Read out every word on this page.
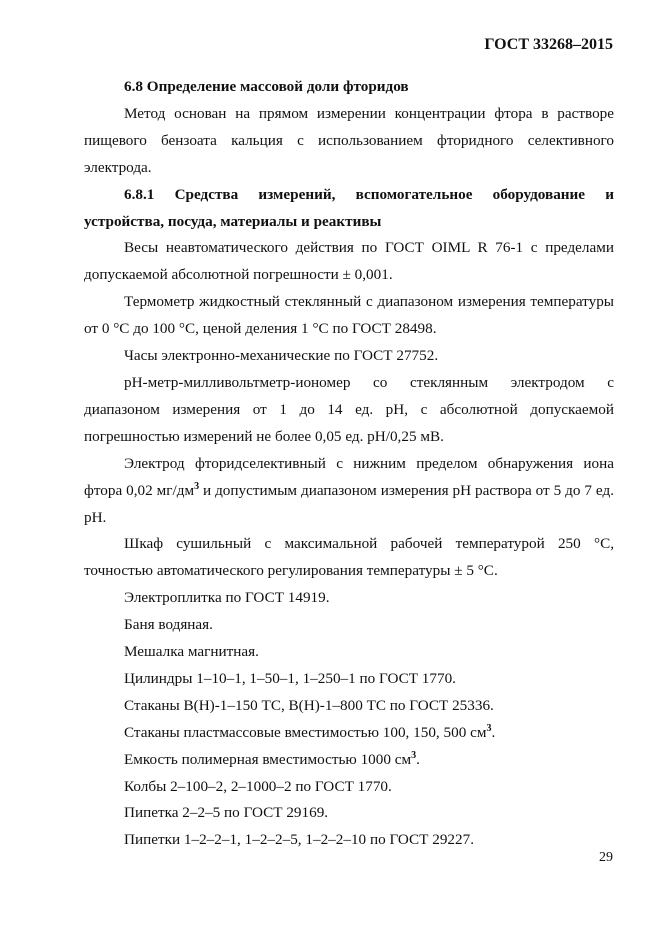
ГОСТ 33268–2015

6.8 Определение массовой доли фторидов

Метод основан на прямом измерении концентрации фтора в растворе пищевого бензоата кальция с использованием фторидного селективного электрода.

6.8.1 Средства измерений, вспомогательное оборудование и устройства, посуда, материалы и реактивы

Весы неавтоматического действия по ГОСТ OIML R 76-1 с пределами допускаемой абсолютной погрешности ± 0,001.

Термометр жидкостный стеклянный с диапазоном измерения температуры от 0 °С до 100 °С, ценой деления 1 °С по ГОСТ 28498.

Часы электронно-механические по ГОСТ 27752.

pH-метр-милливольтметр-иономер со стеклянным электродом с диапазоном измерения от 1 до 14 ед. pH, с абсолютной допускаемой погрешностью измерений не более 0,05 ед. pH/0,25 мВ.

Электрод фторидселективный с нижним пределом обнаружения иона фтора 0,02 $мг/дм^3$ и допустимым диапазоном измерения pH раствора от 5 до 7 ед. pH.

Шкаф сушильный с максимальной рабочей температурой 250 °С, точностью автоматического регулирования температуры ± 5 °С.

Электроплитка по ГОСТ 14919.

Баня водяная.

Мешалка магнитная.

Цилиндры 1–10–1, 1–50–1, 1–250–1 по ГОСТ 1770.

Стаканы В(Н)-1–150 ТС, В(Н)-1–800 ТС по ГОСТ 25336.

Стаканы пластмассовые вместимостью 100, 150, 500 $см^3$.

Емкость полимерная вместимостью 1000 $см^3$.

Колбы 2–100–2, 2–1000–2 по ГОСТ 1770.

Пипетка 2–2–5 по ГОСТ 29169.

Пипетки 1–2–2–1, 1–2–2–5, 1–2–2–10 по ГОСТ 29227.

29
